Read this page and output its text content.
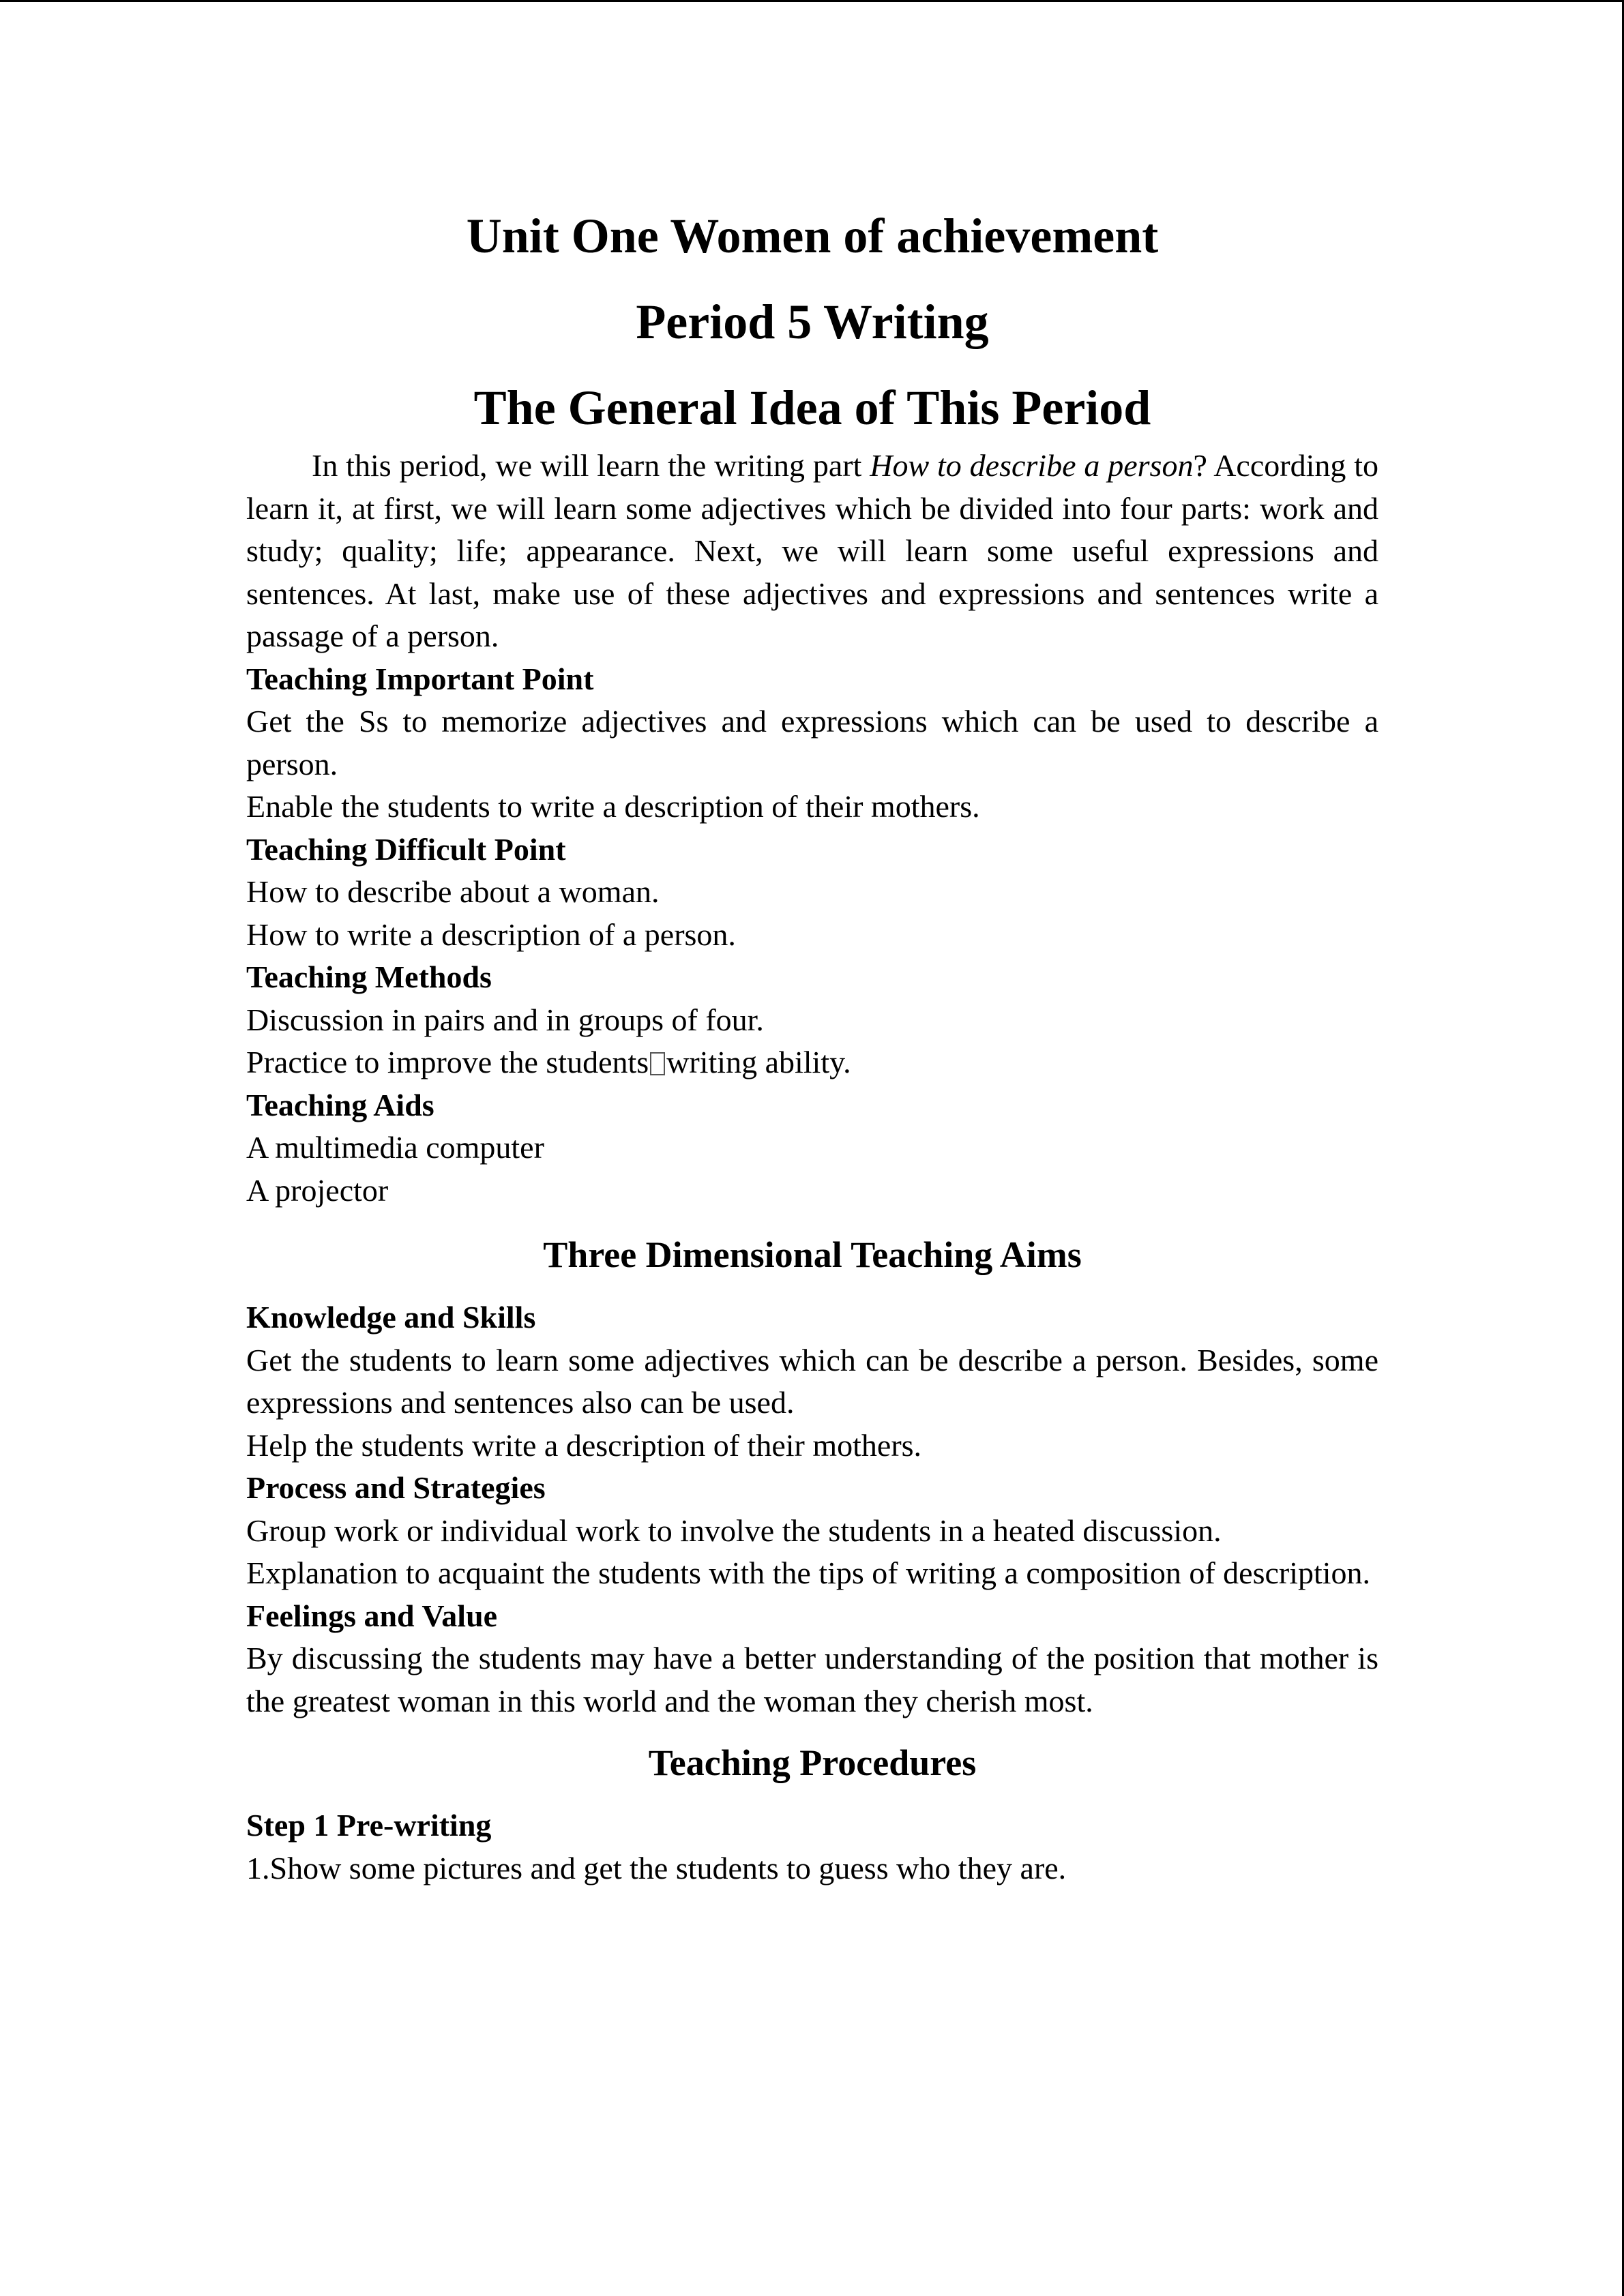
Unit One Women of achievement
Period 5 Writing
The General Idea of This Period

In this period, we will learn the writing part How to describe a person? According to learn it, at first, we will learn some adjectives which be divided into four parts: work and study; quality; life; appearance. Next, we will learn some useful expressions and sentences. At last, make use of these adjectives and expressions and sentences write a passage of a person.

Teaching Important Point

Get the Ss to memorize adjectives and expressions which can be used to describe a person.

Enable the students to write a description of their mothers.

Teaching Difficult Point

How to describe about a woman.

How to write a description of a person.

Teaching Methods

Discussion in pairs and in groups of four.

Practice to improve the students writing ability.

Teaching Aids

A multimedia computer

A projector

Three Dimensional Teaching Aims

Knowledge and Skills

Get the students to learn some adjectives which can be describe a person. Besides, some expressions and sentences also can be used.

Help the students write a description of their mothers.

Process and Strategies

Group work or individual work to involve the students in a heated discussion.

Explanation to acquaint the students with the tips of writing a composition of description.

Feelings and Value

By discussing the students may have a better understanding of the position that mother is the greatest woman in this world and the woman they cherish most.

Teaching Procedures

Step 1 Pre-writing

1.Show some pictures and get the students to guess who they are.
